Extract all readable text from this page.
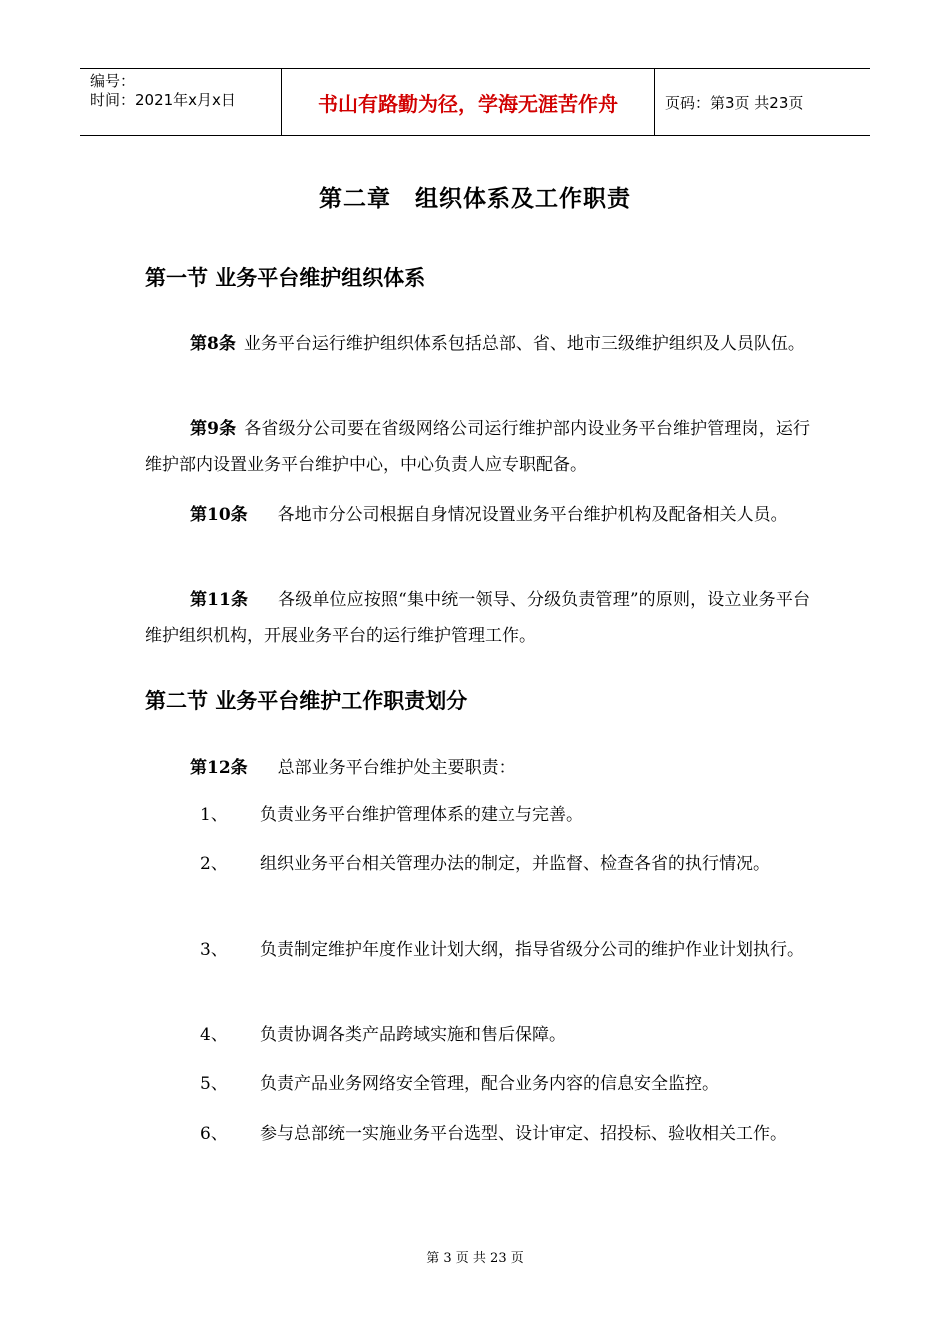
编号：
时间：2021年x月x日	书山有路勤为径，学海无涯苦作舟	页码：第3页 共23页
第二章　组织体系及工作职责
第一节 业务平台维护组织体系
第8条 业务平台运行维护组织体系包括总部、省、地市三级维护组织及人员队伍。
第9条 各省级分公司要在省级网络公司运行维护部内设业务平台维护管理岗，运行维护部内设置业务平台维护中心，中心负责人应专职配备。
第10条 各地市分公司根据自身情况设置业务平台维护机构及配备相关人员。
第11条 各级单位应按照“集中统一领导、分级负责管理”的原则，设立业务平台维护组织机构，开展业务平台的运行维护管理工作。
第二节 业务平台维护工作职责划分
第12条 总部业务平台维护处主要职责：
1、	负责业务平台维护管理体系的建立与完善。
2、	组织业务平台相关管理办法的制定，并监督、检查各省的执行情况。
3、	负责制定维护年度作业计划大纲，指导省级分公司的维护作业计划执行。
4、	负责协调各类产品跨域实施和售后保障。
5、	负责产品业务网络安全管理，配合业务内容的信息安全监控。
6、	参与总部统一实施业务平台选型、设计审定、招投标、验收相关工作。
第 3 页 共 23 页
